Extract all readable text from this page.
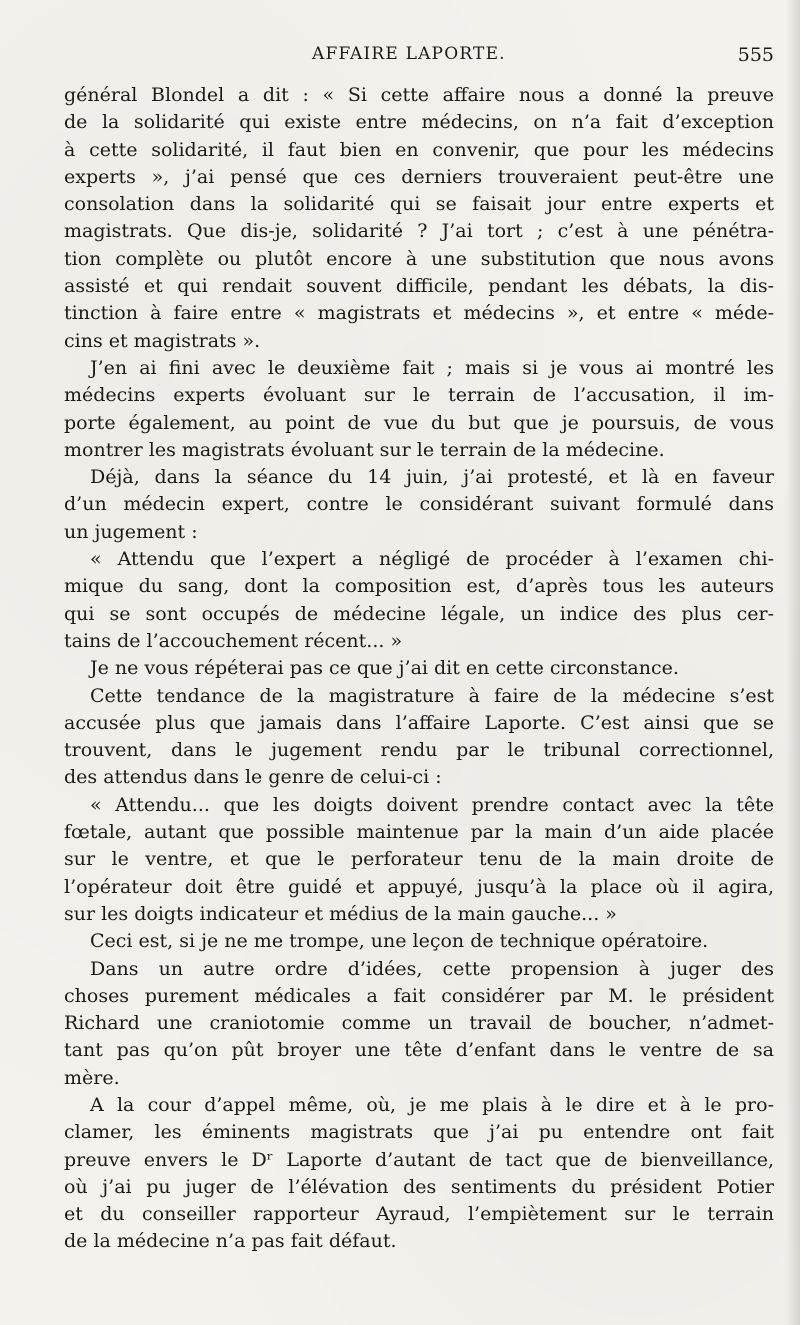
AFFAIRE LAPORTE.	555
général Blondel a dit : « Si cette affaire nous a donné la preuve
de la solidarité qui existe entre médecins, on n’a fait d’exception
à cette solidarité, il faut bien en convenir, que pour les médecins
experts », j’ai pensé que ces derniers trouveraient peut-être une
consolation dans la solidarité qui se faisait jour entre experts et
magistrats. Que dis-je, solidarité ? J’ai tort ; c’est à une pénétra-
tion complète ou plutôt encore à une substitution que nous avons
assisté et qui rendait souvent difficile, pendant les débats, la dis-
tinction à faire entre « magistrats et médecins », et entre « méde-
cins et magistrats ».
J’en ai fini avec le deuxième fait ; mais si je vous ai montré les
médecins experts évoluant sur le terrain de l’accusation, il im-
porte également, au point de vue du but que je poursuis, de vous
montrer les magistrats évoluant sur le terrain de la médecine.
Déjà, dans la séance du 14 juin, j’ai protesté, et là en faveur
d’un médecin expert, contre le considérant suivant formulé dans
un jugement :
« Attendu que l’expert a négligé de procéder à l’examen chi-
mique du sang, dont la composition est, d’après tous les auteurs
qui se sont occupés de médecine légale, un indice des plus cer-
tains de l’accouchement récent... »
Je ne vous répéterai pas ce que j’ai dit en cette circonstance.
Cette tendance de la magistrature à faire de la médecine s’est
accusée plus que jamais dans l’affaire Laporte. C’est ainsi que se
trouvent, dans le jugement rendu par le tribunal correctionnel,
des attendus dans le genre de celui-ci :
« Attendu... que les doigts doivent prendre contact avec la tête
fœtale, autant que possible maintenue par la main d’un aide placée
sur le ventre, et que le perforateur tenu de la main droite de
l’opérateur doit être guidé et appuyé, jusqu’à la place où il agira,
sur les doigts indicateur et médius de la main gauche... »
Ceci est, si je ne me trompe, une leçon de technique opératoire.
Dans un autre ordre d’idées, cette propension à juger des
choses purement médicales a fait considérer par M. le président
Richard une craniotomie comme un travail de boucher, n’admet-
tant pas qu’on pût broyer une tête d’enfant dans le ventre de sa
mère.
A la cour d’appel même, où, je me plais à le dire et à le pro-
clamer, les éminents magistrats que j’ai pu entendre ont fait
preuve envers le Dʳ Laporte d’autant de tact que de bienveillance,
où j’ai pu juger de l’élévation des sentiments du président Potier
et du conseiller rapporteur Ayraud, l’empiètement sur le terrain
de la médecine n’a pas fait défaut.
